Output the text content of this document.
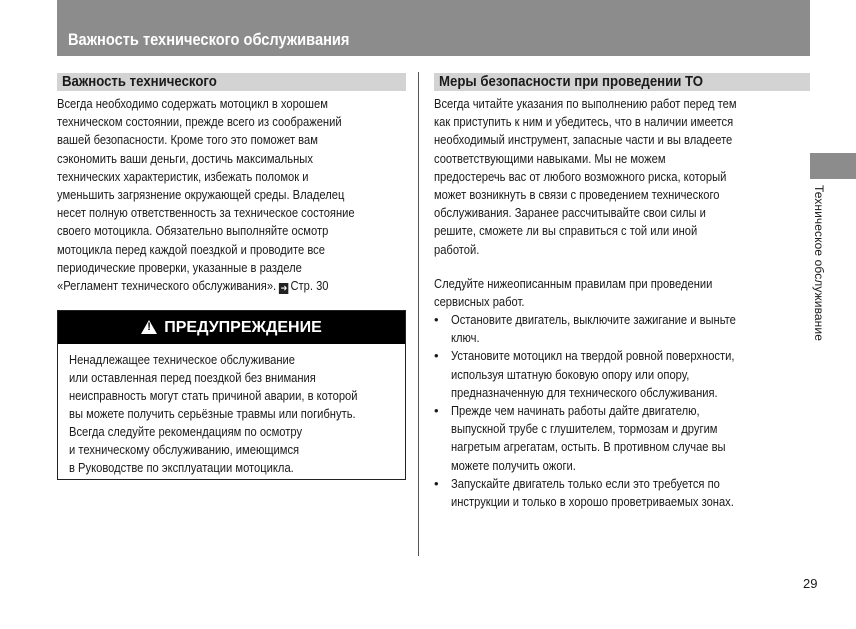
Важность технического обслуживания
Важность технического
Всегда необходимо содержать мотоцикл в хорошем
техническом состоянии, прежде всего из соображений
вашей безопасности. Кроме того это поможет вам
сэкономить ваши деньги, достичь максимальных
технических характеристик, избежать поломок и
уменьшить загрязнение окружающей среды. Владелец
несет полную ответственность за техническое состояние
своего мотоцикла. Обязательно выполняйте осмотр
мотоцикла перед каждой поездкой и проводите все
периодические проверки, указанные в разделе
«Регламент технического обслуживания». ➔ Стр. 30
!ПРЕДУПРЕЖДЕНИЕ
Ненадлежащее техническое обслуживание
или оставленная перед поездкой без внимания
неисправность могут стать причиной аварии, в которой
вы можете получить серьёзные травмы или погибнуть.
Всегда следуйте рекомендациям по осмотру
и техническому обслуживанию, имеющимся
в Руководстве по эксплуатации мотоцикла.
Меры безопасности при проведении ТО
Всегда читайте указания по выполнению работ перед тем
как приступить к ним и убедитесь, что в наличии имеется
необходимый инструмент, запасные части и вы владеете
соответствующими навыками. Мы не можем
предостеречь вас от любого возможного риска, который
может возникнуть в связи с проведением технического
обслуживания. Заранее рассчитывайте свои силы и
решите, сможете ли вы справиться с той или иной
работой.
Следуйте нижеописанным правилам при проведении
сервисных работ.
• Остановите двигатель, выключите зажигание и выньте
ключ.
• Установите мотоцикл на твердой ровной поверхности,
используя штатную боковую опору или опору,
предназначенную для технического обслуживания.
• Прежде чем начинать работы дайте двигателю,
выпускной трубе с глушителем, тормозам и другим
нагретым агрегатам, остыть. В противном случае вы
можете получить ожоги.
• Запускайте двигатель только если это требуется по
инструкции и только в хорошо проветриваемых зонах.
Техническое обслуживание
29
